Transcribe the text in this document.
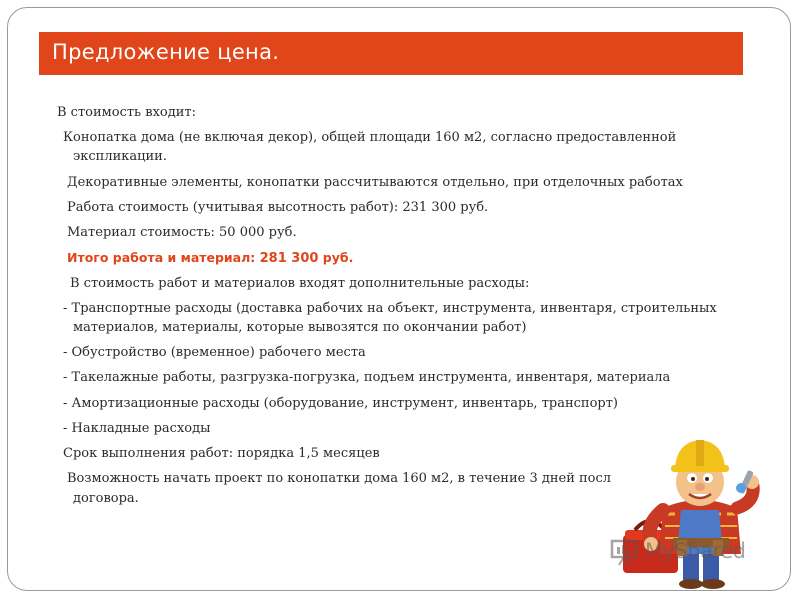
Предложение цена.
В стоимость входит:
Конопатка дома (не включая декор), общей площади 160 м2, согласно предоставленной
экспликации.
Декоративные элементы, конопатки рассчитываются отдельно, при отделочных работах
Работа стоимость (учитывая высотность работ): 231 300 руб.
Материал стоимость: 50 000 руб.
Итого работа и материал: 281 300 руб.
В стоимость работ и материалов входят дополнительные расходы:
- Транспортные расходы (доставка рабочих на объект, инструмента, инвентаря, строительных
материалов, материалы, которые вывозятся по окончании работ)
- Обустройство (временное) рабочего места
- Такелажные работы, разгрузка-погрузка, подъем инструмента, инвентаря, материала
- Амортизационные расходы (оборудование, инструмент, инвентарь, транспорт)
- Накладные расходы
Срок выполнения работ: порядка 1,5 месяцев
Возможность начать проект по конопатки дома 160 м2, в течение 3 дней посл
договора.
MyShared
